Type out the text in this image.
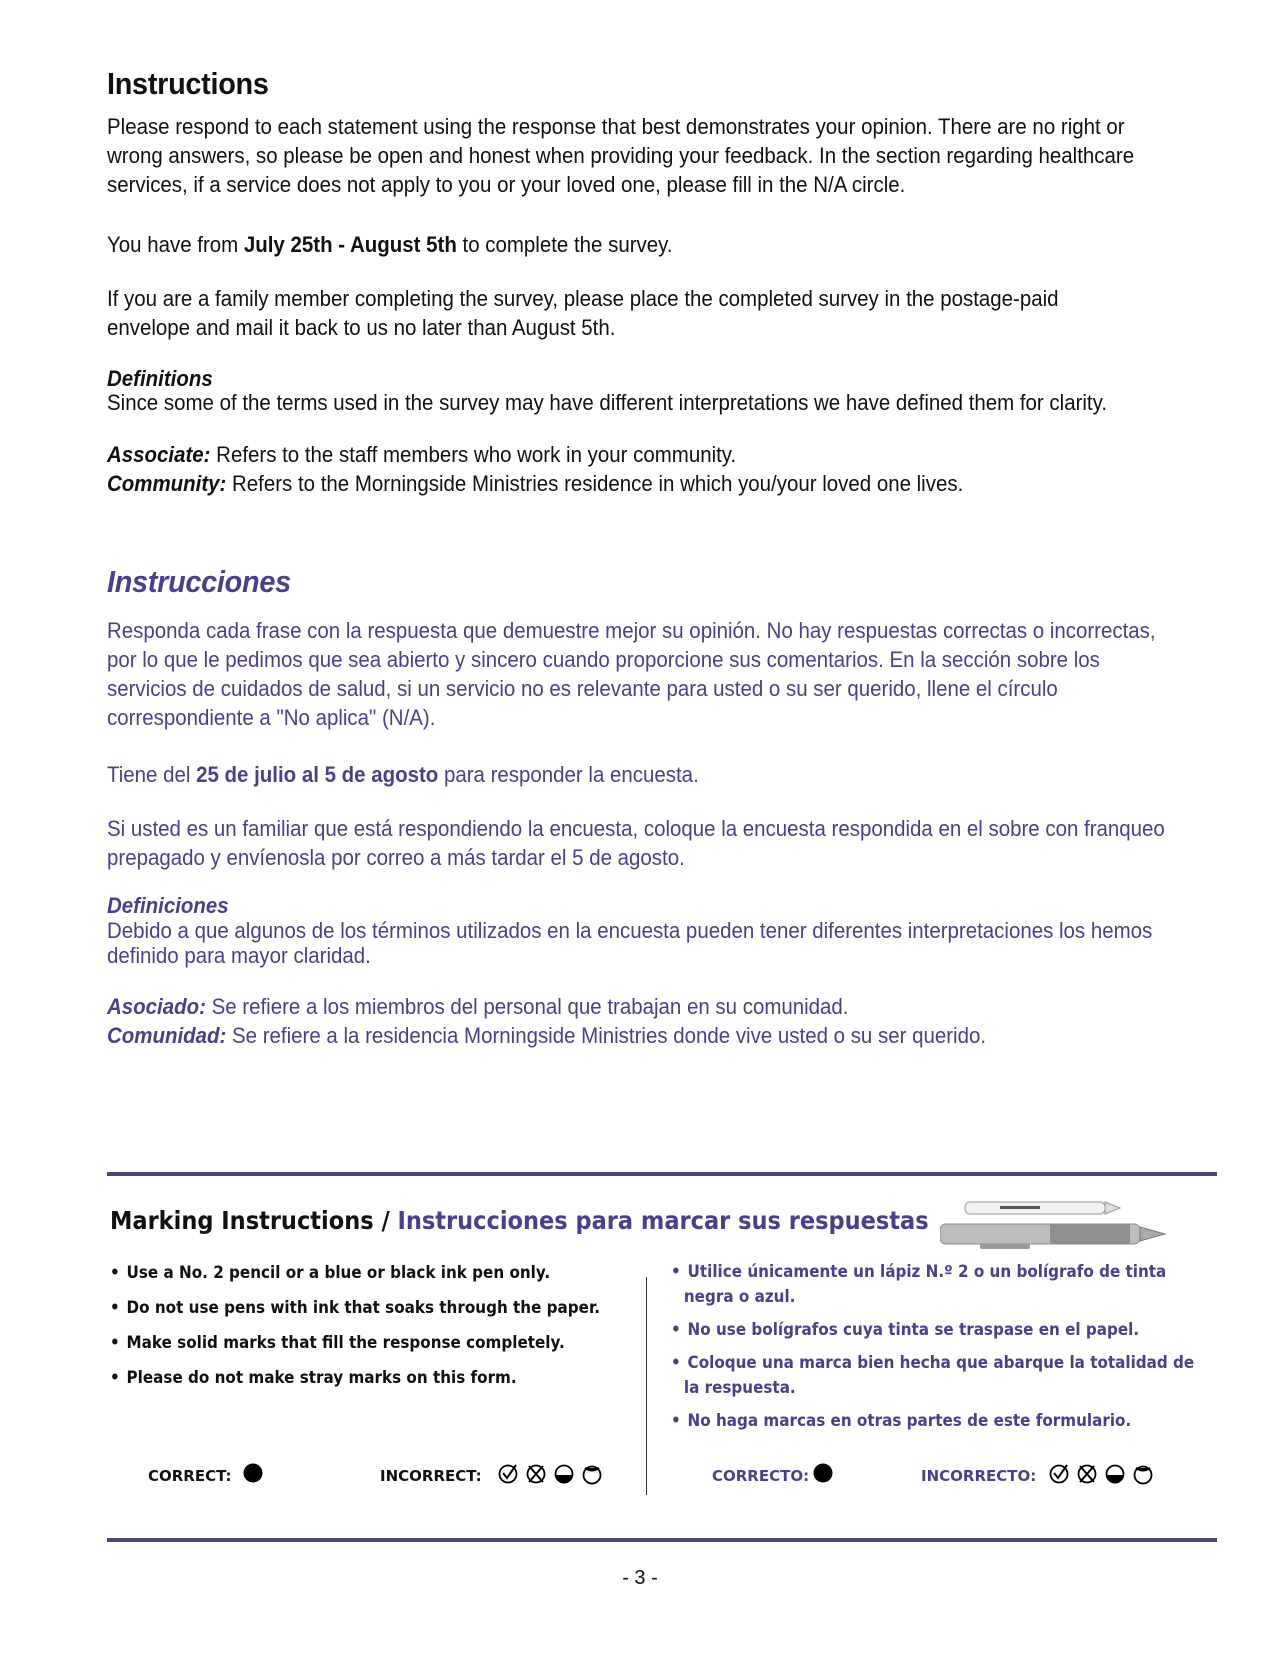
Instructions
Please respond to each statement using the response that best demonstrates your opinion. There are no right or
wrong answers, so please be open and honest when providing your feedback. In the section regarding healthcare
services, if a service does not apply to you or your loved one, please fill in the N/A circle.
You have from July 25th - August 5th to complete the survey.
If you are a family member completing the survey, please place the completed survey in the postage-paid
envelope and mail it back to us no later than August 5th.
Definitions
Since some of the terms used in the survey may have different interpretations we have defined them for clarity.
Associate: Refers to the staff members who work in your community.
Community: Refers to the Morningside Ministries residence in which you/your loved one lives.
Instrucciones
Responda cada frase con la respuesta que demuestre mejor su opinión. No hay respuestas correctas o incorrectas,
por lo que le pedimos que sea abierto y sincero cuando proporcione sus comentarios. En la sección sobre los
servicios de cuidados de salud, si un servicio no es relevante para usted o su ser querido, llene el círculo
correspondiente a "No aplica" (N/A).
Tiene del 25 de julio al 5 de agosto para responder la encuesta.
Si usted es un familiar que está respondiendo la encuesta, coloque la encuesta respondida en el sobre con franqueo
prepagado y envíenosla por correo a más tardar el 5 de agosto.
Definiciones
Debido a que algunos de los términos utilizados en la encuesta pueden tener diferentes interpretaciones los hemos
definido para mayor claridad.
Asociado: Se refiere a los miembros del personal que trabajan en su comunidad.
Comunidad: Se refiere a la residencia Morningside Ministries donde vive usted o su ser querido.
Marking Instructions / Instrucciones para marcar sus respuestas
• Use a No. 2 pencil or a blue or black ink pen only.
• Do not use pens with ink that soaks through the paper.
• Make solid marks that fill the response completely.
• Please do not make stray marks on this form.
• Utilice únicamente un lápiz N.º 2 o un bolígrafo de tinta
negra o azul.
• No use bolígrafos cuya tinta se traspase en el papel.
• Coloque una marca bien hecha que abarque la totalidad de
la respuesta.
• No haga marcas en otras partes de este formulario.
CORRECT:	INCORRECT:	CORRECTO:	INCORRECTO:
- 3 -
